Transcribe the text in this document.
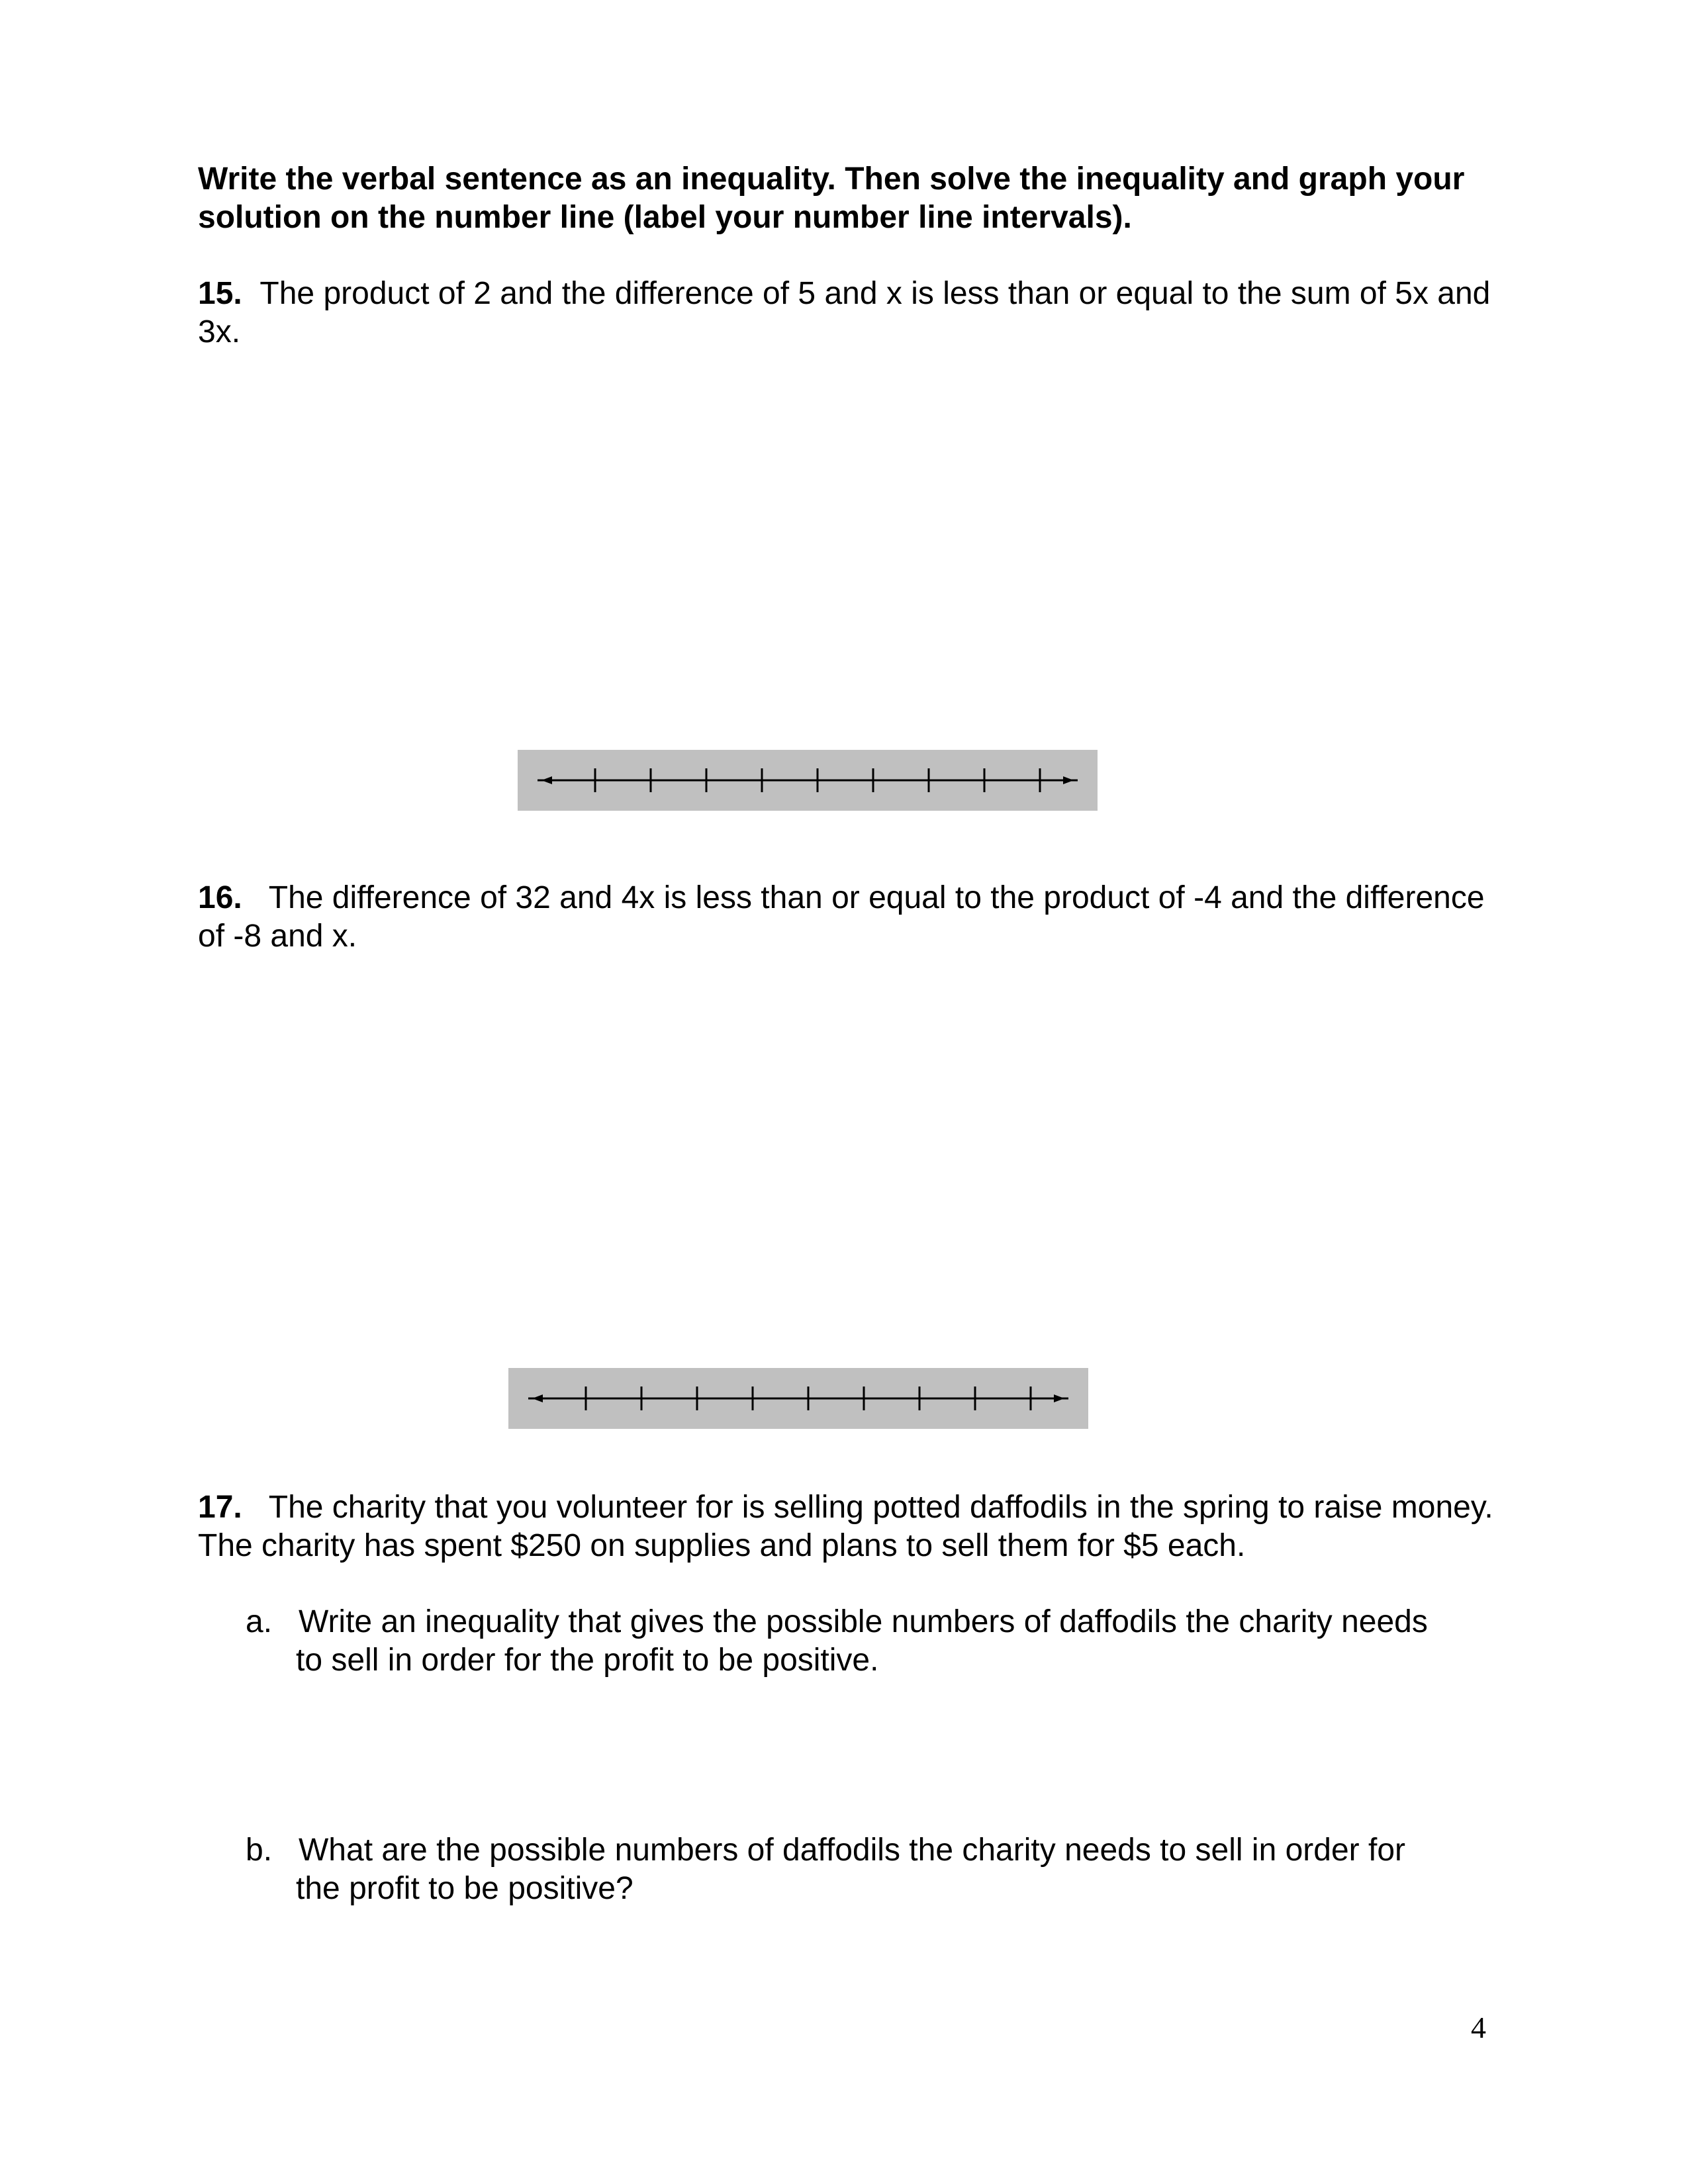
Write the verbal sentence as an inequality. Then solve the inequality and graph your solution on the number line (label your number line intervals).

15. The product of 2 and the difference of 5 and x is less than or equal to the sum of 5x and 3x.

16. The difference of 32 and 4x is less than or equal to the product of -4 and the difference of -8 and x.

17. The charity that you volunteer for is selling potted daffodils in the spring to raise money. The charity has spent $250 on supplies and plans to sell them for $5 each.

a. Write an inequality that gives the possible numbers of daffodils the charity needs
to sell in order for the profit to be positive.
b. What are the possible numbers of daffodils the charity needs to sell in order for
the profit to be positive?
4
